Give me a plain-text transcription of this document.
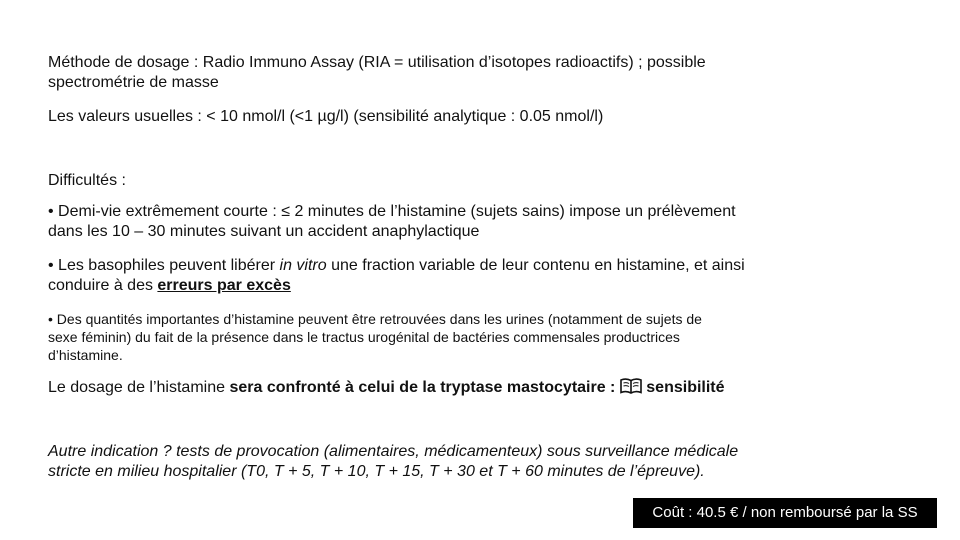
Méthode de dosage : Radio Immuno Assay (RIA = utilisation d’isotopes radioactifs) ; possible
spectrométrie de masse

Les valeurs usuelles : < 10 nmol/l (<1 µg/l) (sensibilité analytique : 0.05 nmol/l)

Difficultés :

• Demi-vie extrêmement courte : ≤ 2 minutes de l’histamine (sujets sains) impose un prélèvement
dans les 10 – 30 minutes suivant un accident anaphylactique

• Les basophiles peuvent libérer in vitro une fraction variable de leur contenu en histamine, et ainsi
conduire à des erreurs par excès

• Des quantités importantes d’histamine peuvent être retrouvées dans les urines (notamment de sujets de
sexe féminin) du fait de la présence dans le tractus urogénital de bactéries commensales productrices
d’histamine.

Le dosage de l’histamine sera confronté à celui de la tryptase mastocytaire :  sensibilité

Autre indication ? tests de provocation (alimentaires, médicamenteux) sous surveillance médicale
stricte en milieu hospitalier (T0, T + 5, T + 10, T + 15, T + 30 et T + 60 minutes de l’épreuve).

Coût : 40.5 € / non remboursé par la SS
